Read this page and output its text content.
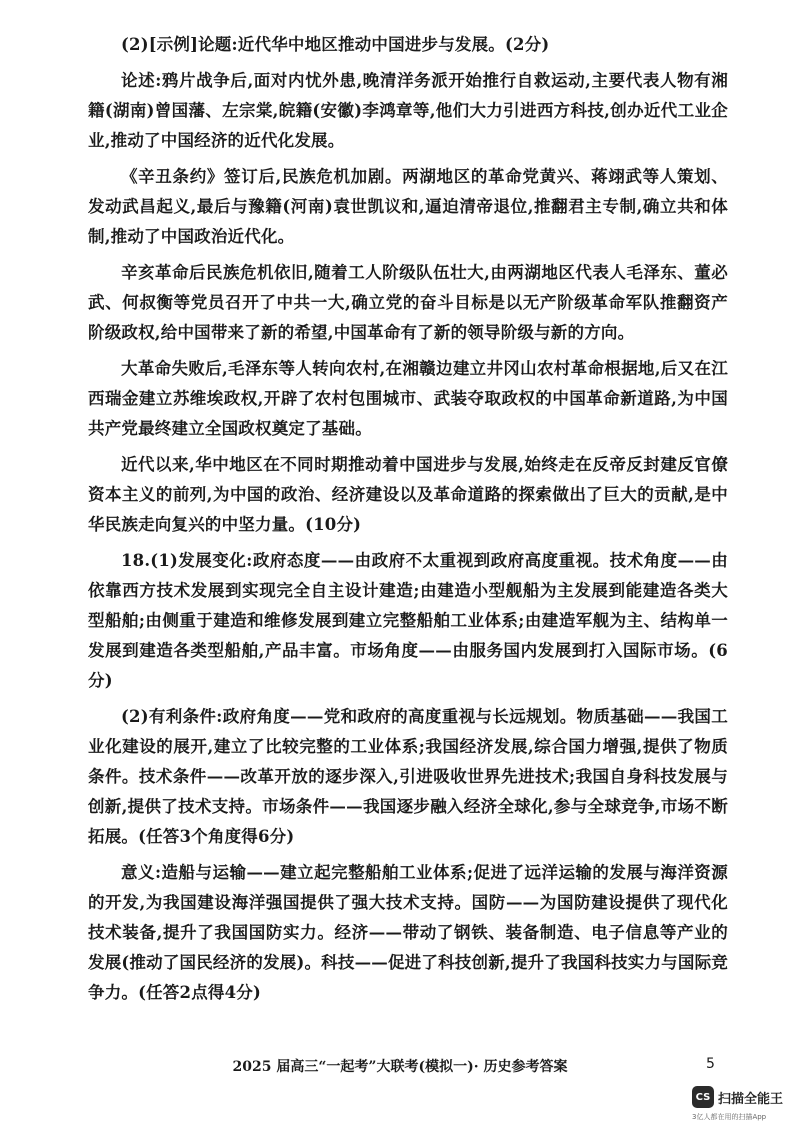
(2)[示例]论题:近代华中地区推动中国进步与发展。(2分)

论述:鸦片战争后,面对内忧外患,晚清洋务派开始推行自救运动,主要代表人物有湘籍(湖南)曾国藩、左宗棠,皖籍(安徽)李鸿章等,他们大力引进西方科技,创办近代工业企业,推动了中国经济的近代化发展。

《辛丑条约》签订后,民族危机加剧。两湖地区的革命党黄兴、蒋翊武等人策划、发动武昌起义,最后与豫籍(河南)袁世凯议和,逼迫清帝退位,推翻君主专制,确立共和体制,推动了中国政治近代化。

辛亥革命后民族危机依旧,随着工人阶级队伍壮大,由两湖地区代表人毛泽东、董必武、何叔衡等党员召开了中共一大,确立党的奋斗目标是以无产阶级革命军队推翻资产阶级政权,给中国带来了新的希望,中国革命有了新的领导阶级与新的方向。

大革命失败后,毛泽东等人转向农村,在湘赣边建立井冈山农村革命根据地,后又在江西瑞金建立苏维埃政权,开辟了农村包围城市、武装夺取政权的中国革命新道路,为中国共产党最终建立全国政权奠定了基础。

近代以来,华中地区在不同时期推动着中国进步与发展,始终走在反帝反封建反官僚资本主义的前列,为中国的政治、经济建设以及革命道路的探索做出了巨大的贡献,是中华民族走向复兴的中坚力量。(10分)

18.(1)发展变化:政府态度——由政府不太重视到政府高度重视。技术角度——由依靠西方技术发展到实现完全自主设计建造;由建造小型舰船为主发展到能建造各类大型船舶;由侧重于建造和维修发展到建立完整船舶工业体系;由建造军舰为主、结构单一发展到建造各类型船舶,产品丰富。市场角度——由服务国内发展到打入国际市场。(6分)

(2)有利条件:政府角度——党和政府的高度重视与长远规划。物质基础——我国工业化建设的展开,建立了比较完整的工业体系;我国经济发展,综合国力增强,提供了物质条件。技术条件——改革开放的逐步深入,引进吸收世界先进技术;我国自身科技发展与创新,提供了技术支持。市场条件——我国逐步融入经济全球化,参与全球竞争,市场不断拓展。(任答3个角度得6分)

意义:造船与运输——建立起完整船舶工业体系;促进了远洋运输的发展与海洋资源的开发,为我国建设海洋强国提供了强大技术支持。国防——为国防建设提供了现代化技术装备,提升了我国国防实力。经济——带动了钢铁、装备制造、电子信息等产业的发展(推动了国民经济的发展)。科技——促进了科技创新,提升了我国科技实力与国际竞争力。(任答2点得4分)

2025 届高三“一起考”大联考(模拟一)· 历史参考答案	5
CS 扫描全能王
3亿人都在用的扫描App
